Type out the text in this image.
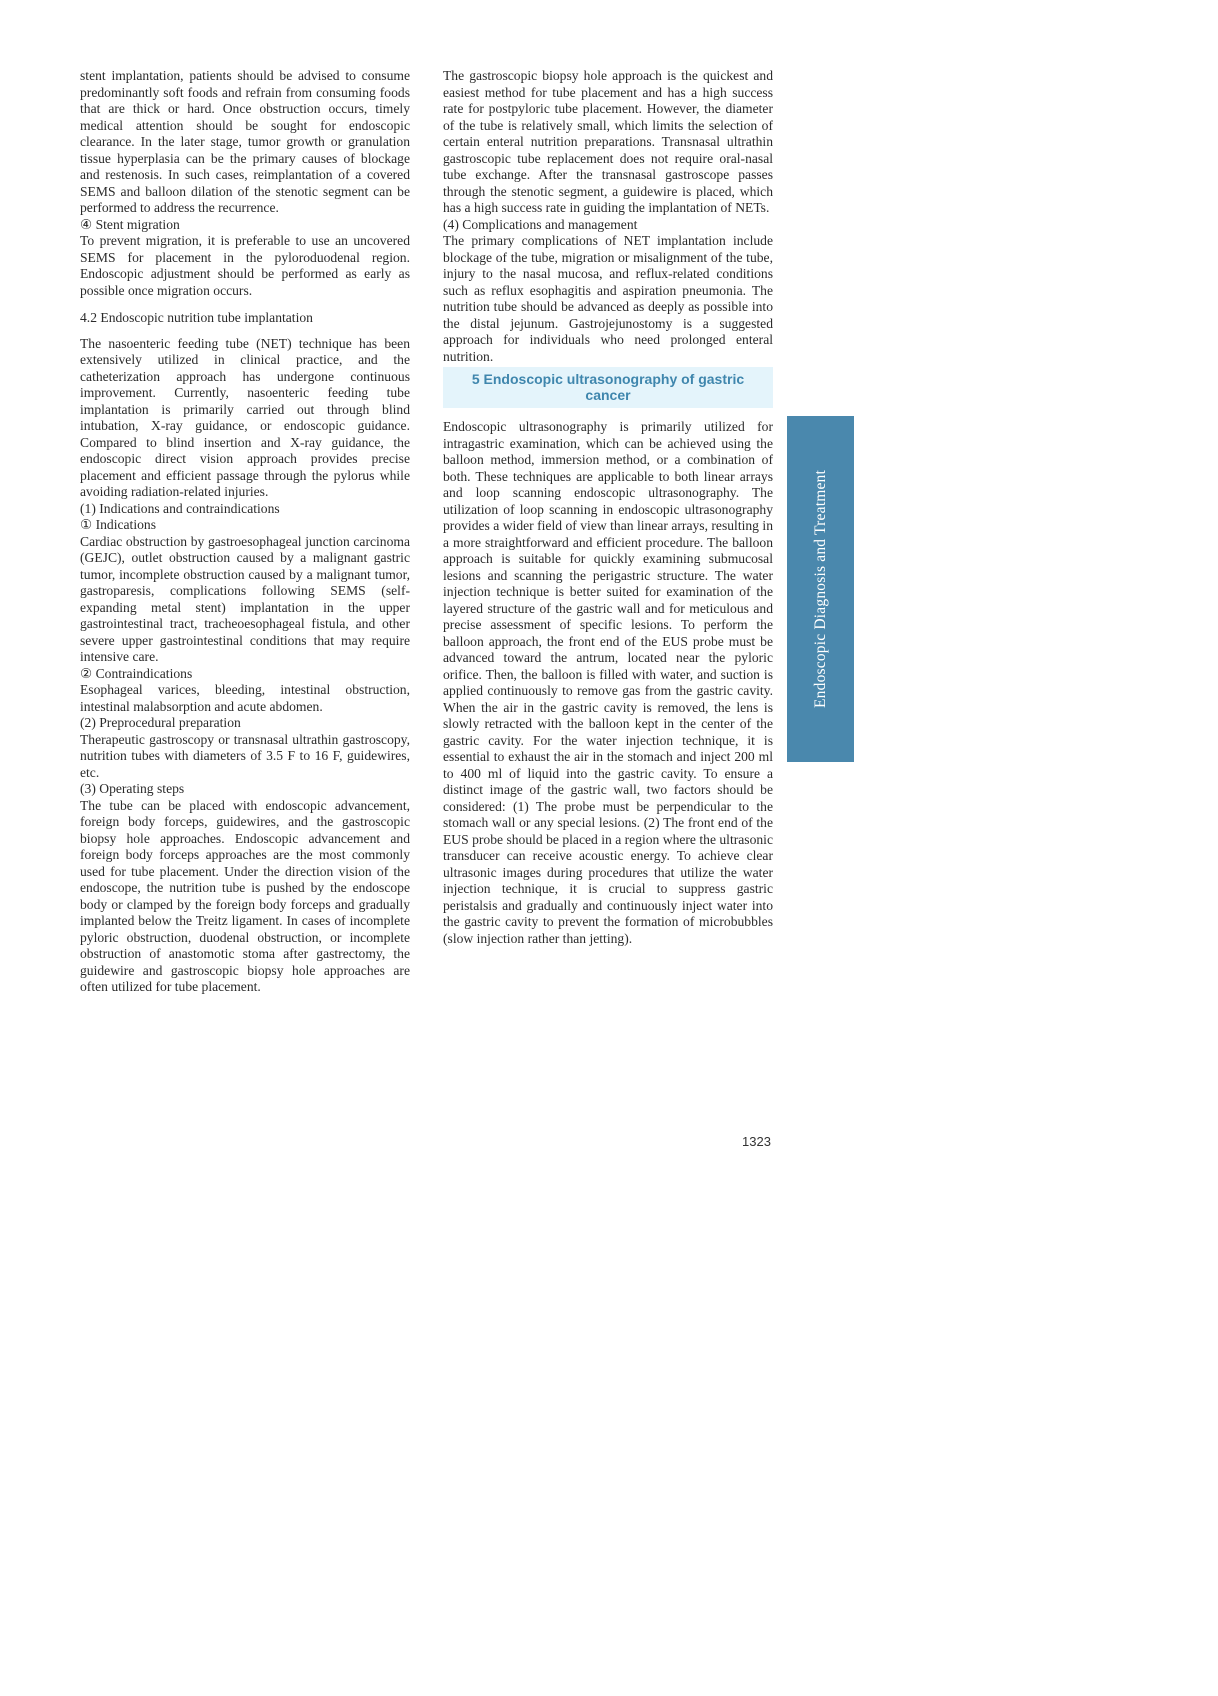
stent implantation, patients should be advised to consume predominantly soft foods and refrain from consuming foods that are thick or hard. Once obstruction occurs, timely medical attention should be sought for endoscopic clearance. In the later stage, tumor growth or granulation tissue hyperplasia can be the primary causes of blockage and restenosis. In such cases, reimplantation of a covered SEMS and balloon dilation of the stenotic segment can be performed to address the recurrence.

④ Stent migration

To prevent migration, it is preferable to use an uncovered SEMS for placement in the pyloroduodenal region. Endoscopic adjustment should be performed as early as possible once migration occurs.

4.2 Endoscopic nutrition tube implantation

The nasoenteric feeding tube (NET) technique has been extensively utilized in clinical practice, and the catheterization approach has undergone continuous improvement. Currently, nasoenteric feeding tube implantation is primarily carried out through blind intubation, X-ray guidance, or endoscopic guidance. Compared to blind insertion and X-ray guidance, the endoscopic direct vision approach provides precise placement and efficient passage through the pylorus while avoiding radiation-related injuries.

(1) Indications and contraindications

① Indications

Cardiac obstruction by gastroesophageal junction carcinoma (GEJC), outlet obstruction caused by a malignant gastric tumor, incomplete obstruction caused by a malignant tumor, gastroparesis, complications following SEMS (self-expanding metal stent) implantation in the upper gastrointestinal tract, tracheoesophageal fistula, and other severe upper gastrointestinal conditions that may require intensive care.

② Contraindications

Esophageal varices, bleeding, intestinal obstruction, intestinal malabsorption and acute abdomen.

(2) Preprocedural preparation

Therapeutic gastroscopy or transnasal ultrathin gastroscopy, nutrition tubes with diameters of 3.5 F to 16 F, guidewires, etc.

(3) Operating steps

The tube can be placed with endoscopic advancement, foreign body forceps, guidewires, and the gastroscopic biopsy hole approaches. Endoscopic advancement and foreign body forceps approaches are the most commonly used for tube placement. Under the direction vision of the endoscope, the nutrition tube is pushed by the endoscope body or clamped by the foreign body forceps and gradually implanted below the Treitz ligament. In cases of incomplete pyloric obstruction, duodenal obstruction, or incomplete obstruction of anastomotic stoma after gastrectomy, the guidewire and gastroscopic biopsy hole approaches are often utilized for tube placement.

The gastroscopic biopsy hole approach is the quickest and easiest method for tube placement and has a high success rate for postpyloric tube placement. However, the diameter of the tube is relatively small, which limits the selection of certain enteral nutrition preparations. Transnasal ultrathin gastroscopic tube replacement does not require oral-nasal tube exchange. After the transnasal gastroscope passes through the stenotic segment, a guidewire is placed, which has a high success rate in guiding the implantation of NETs.

(4) Complications and management

The primary complications of NET implantation include blockage of the tube, migration or misalignment of the tube, injury to the nasal mucosa, and reflux-related conditions such as reflux esophagitis and aspiration pneumonia. The nutrition tube should be advanced as deeply as possible into the distal jejunum. Gastrojejunostomy is a suggested approach for individuals who need prolonged enteral nutrition.

5 Endoscopic ultrasonography of gastric cancer

Endoscopic ultrasonography is primarily utilized for intragastric examination, which can be achieved using the balloon method, immersion method, or a combination of both. These techniques are applicable to both linear arrays and loop scanning endoscopic ultrasonography. The utilization of loop scanning in endoscopic ultrasonography provides a wider field of view than linear arrays, resulting in a more straightforward and efficient procedure. The balloon approach is suitable for quickly examining submucosal lesions and scanning the perigastric structure. The water injection technique is better suited for examination of the layered structure of the gastric wall and for meticulous and precise assessment of specific lesions. To perform the balloon approach, the front end of the EUS probe must be advanced toward the antrum, located near the pyloric orifice. Then, the balloon is filled with water, and suction is applied continuously to remove gas from the gastric cavity. When the air in the gastric cavity is removed, the lens is slowly retracted with the balloon kept in the center of the gastric cavity. For the water injection technique, it is essential to exhaust the air in the stomach and inject 200 ml to 400 ml of liquid into the gastric cavity. To ensure a distinct image of the gastric wall, two factors should be considered: (1) The probe must be perpendicular to the stomach wall or any special lesions. (2) The front end of the EUS probe should be placed in a region where the ultrasonic transducer can receive acoustic energy. To achieve clear ultrasonic images during procedures that utilize the water injection technique, it is crucial to suppress gastric peristalsis and gradually and continuously inject water into the gastric cavity to prevent the formation of microbubbles (slow injection rather than jetting).

Endoscopic Diagnosis and Treatment
1323
